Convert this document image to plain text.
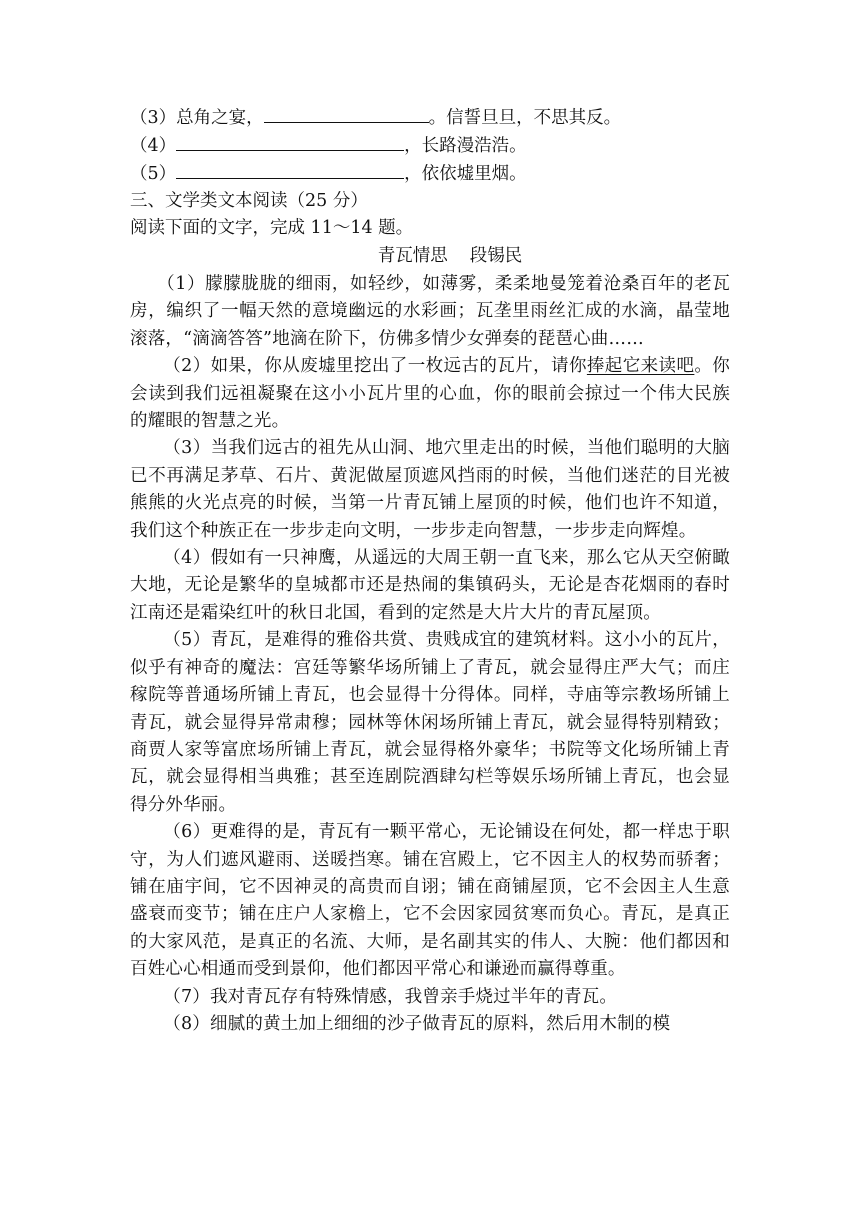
（3）总角之宴，	。信誓旦旦，不思其反。

（4）	，长路漫浩浩。

（5）	，依依墟里烟。

三、文学类文本阅读（25 分）

阅读下面的文字，完成 11～14 题。

青瓦情思 段锡民

（1）朦朦胧胧的细雨，如轻纱，如薄雾，柔柔地曼笼着沧桑百年的老瓦房，编织了一幅天然的意境幽远的水彩画；瓦垄里雨丝汇成的水滴，晶莹地滚落，“滴滴答答”地滴在阶下，仿佛多情少女弹奏的琵琶心曲……

（2）如果，你从废墟里挖出了一枚远古的瓦片，请你捧起它来读吧。你会读到我们远祖凝聚在这小小瓦片里的心血，你的眼前会掠过一个伟大民族的耀眼的智慧之光。

（3）当我们远古的祖先从山洞、地穴里走出的时候，当他们聪明的大脑已不再满足茅草、石片、黄泥做屋顶遮风挡雨的时候，当他们迷茫的目光被熊熊的火光点亮的时候，当第一片青瓦铺上屋顶的时候，他们也许不知道，我们这个种族正在一步步走向文明，一步步走向智慧，一步步走向辉煌。

（4）假如有一只神鹰，从遥远的大周王朝一直飞来，那么它从天空俯瞰大地，无论是繁华的皇城都市还是热闹的集镇码头，无论是杏花烟雨的春时江南还是霜染红叶的秋日北国，看到的定然是大片大片的青瓦屋顶。

（5）青瓦，是难得的雅俗共赏、贵贱成宜的建筑材料。这小小的瓦片，似乎有神奇的魔法：宫廷等繁华场所铺上了青瓦，就会显得庄严大气；而庄稼院等普通场所铺上青瓦，也会显得十分得体。同样，寺庙等宗教场所铺上青瓦，就会显得异常肃穆；园林等休闲场所铺上青瓦，就会显得特别精致；商贾人家等富庶场所铺上青瓦，就会显得格外豪华；书院等文化场所铺上青瓦，就会显得相当典雅；甚至连剧院酒肆勾栏等娱乐场所铺上青瓦，也会显得分外华丽。

（6）更难得的是，青瓦有一颗平常心，无论铺设在何处，都一样忠于职守，为人们遮风避雨、送暖挡寒。铺在宫殿上，它不因主人的权势而骄奢；铺在庙宇间，它不因神灵的高贵而自诩；铺在商铺屋顶，它不会因主人生意盛衰而变节；铺在庄户人家檐上，它不会因家园贫寒而负心。青瓦，是真正的大家风范，是真正的名流、大师，是名副其实的伟人、大腕：他们都因和百姓心心相通而受到景仰，他们都因平常心和谦逊而赢得尊重。

（7）我对青瓦存有特殊情感，我曾亲手烧过半年的青瓦。

（8）细腻的黄土加上细细的沙子做青瓦的原料，然后用木制的模
